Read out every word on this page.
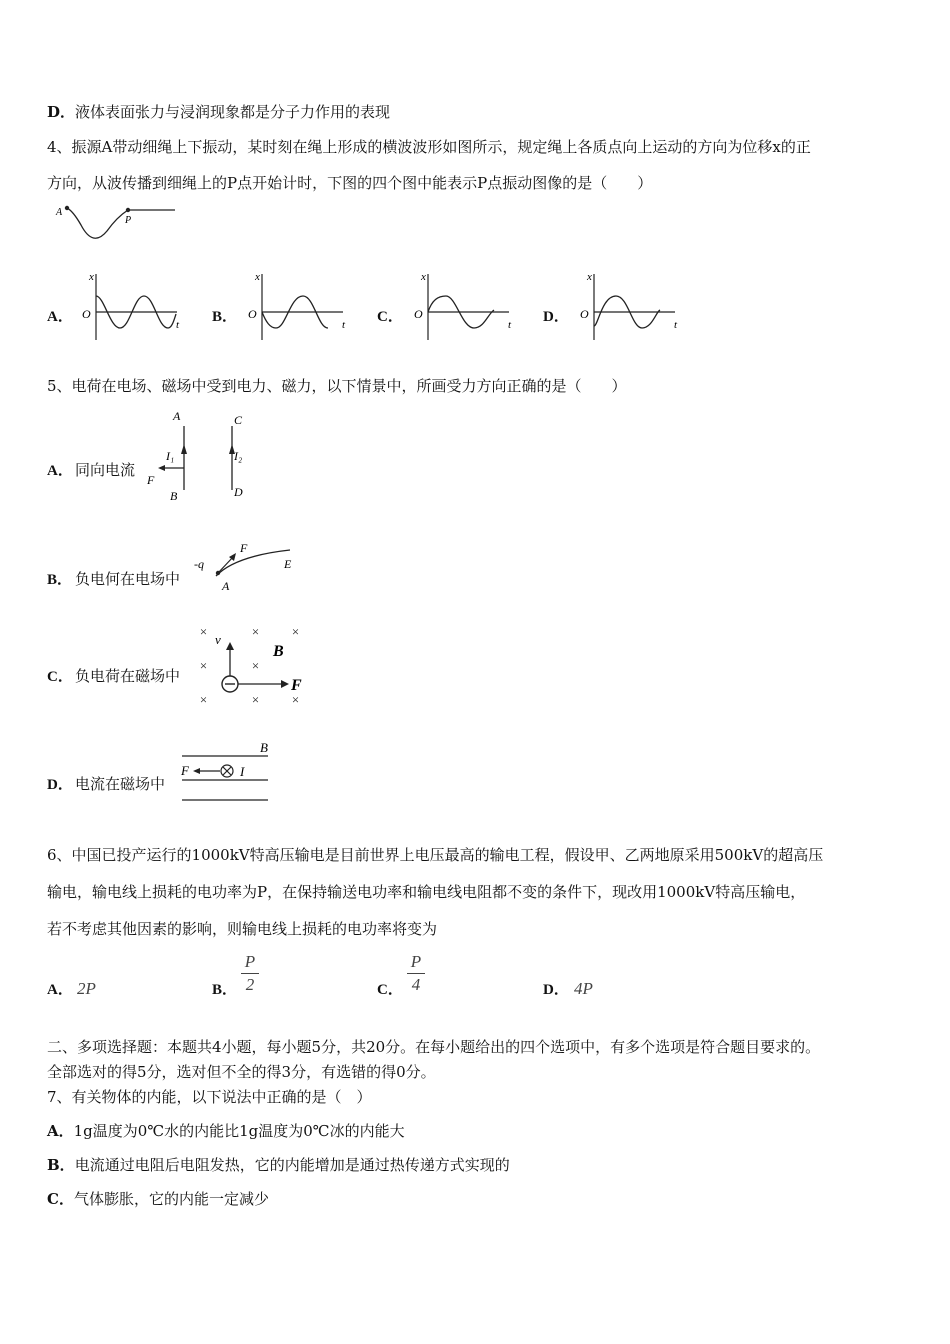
D．液体表面张力与浸润现象都是分子力作用的表现
4、振源A带动细绳上下振动，某时刻在绳上形成的横波波形如图所示，规定绳上各质点向上运动的方向为位移x的正
方向，从波传播到细绳上的P点开始计时，下图的四个图中能表示P点振动图像的是（　　）
A
P
A．
x
O
t B．
x
O
t C．
x
O
t D．
x
O
t
5、电荷在电场、磁场中受到电力、磁力，以下情景中，所画受力方向正确的是（　　）
A． 同向电流
A	C
I₁	I₂
F
B	D
B． 负电何在电场中
-q
F
E
A
C． 负电荷在磁场中
×	× ×
×	×
×	× ×
v
B
F
D． 电流在磁场中
B
F	I
6、中国已投产运行的1000kV特高压输电是目前世界上电压最高的输电工程，假设甲、乙两地原采用500kV的超高压
输电，输电线上损耗的电功率为P，在保持输送电功率和输电线电阻都不变的条件下，现改用1000kV特高压输电，
若不考虑其他因素的影响，则输电线上损耗的电功率将变为
A． 2P	B．
P
2	C．
P
4	D． 4P
二、多项选择题：本题共4小题，每小题5分，共20分。在每小题给出的四个选项中，有多个选项是符合题目要求的。
全部选对的得5分，选对但不全的得3分，有选错的得0分。
7、有关物体的内能，以下说法中正确的是（　）
A．1g温度为0℃水的内能比1g温度为0℃冰的内能大
B．电流通过电阻后电阻发热，它的内能增加是通过热传递方式实现的
C．气体膨胀，它的内能一定减少
